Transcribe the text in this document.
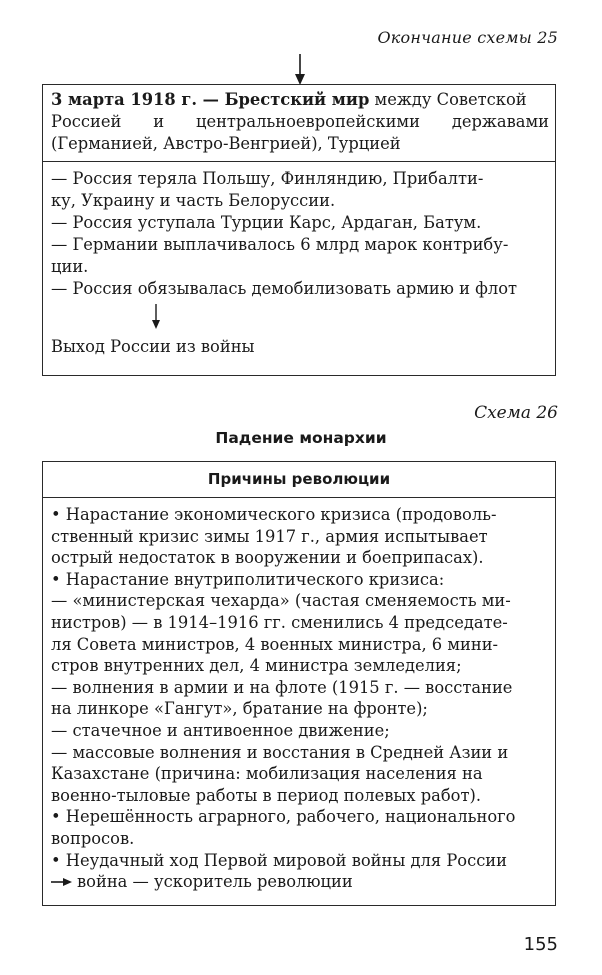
Окончание схемы 25
3 марта 1918 г. — Брестский мир между Советской
Россией и центральноевропейскими державами
(Германией, Австро-Венгрией), Турцией
— Россия теряла Польшу, Финляндию, Прибалти-
ку, Украину и часть Белоруссии.
— Россия уступала Турции Карс, Ардаган, Батум.
— Германии выплачивалось 6 млрд марок контрибу-
ции.
— Россия обязывалась демобилизовать армию и флот
Выход России из войны
Схема 26
Падение монархии
Причины революции
• Нарастание экономического кризиса (продоволь-
ственный кризис зимы 1917 г., армия испытывает
острый недостаток в вооружении и боеприпасах).
• Нарастание внутриполитического кризиса:
— «министерская чехарда» (частая сменяемость ми-
нистров) — в 1914–1916 гг. сменились 4 председате-
ля Совета министров, 4 военных министра, 6 мини-
стров внутренних дел, 4 министра земледелия;
— волнения в армии и на флоте (1915 г. — восстание
на линкоре «Гангут», братание на фронте);
— стачечное и антивоенное движение;
— массовые волнения и восстания в Средней Азии и
Казахстане (причина: мобилизация населения на
военно-тыловые работы в период полевых работ).
• Нерешённость аграрного, рабочего, национального
вопросов.
• Неудачный ход Первой мировой войны для России
война — ускоритель революции
155
